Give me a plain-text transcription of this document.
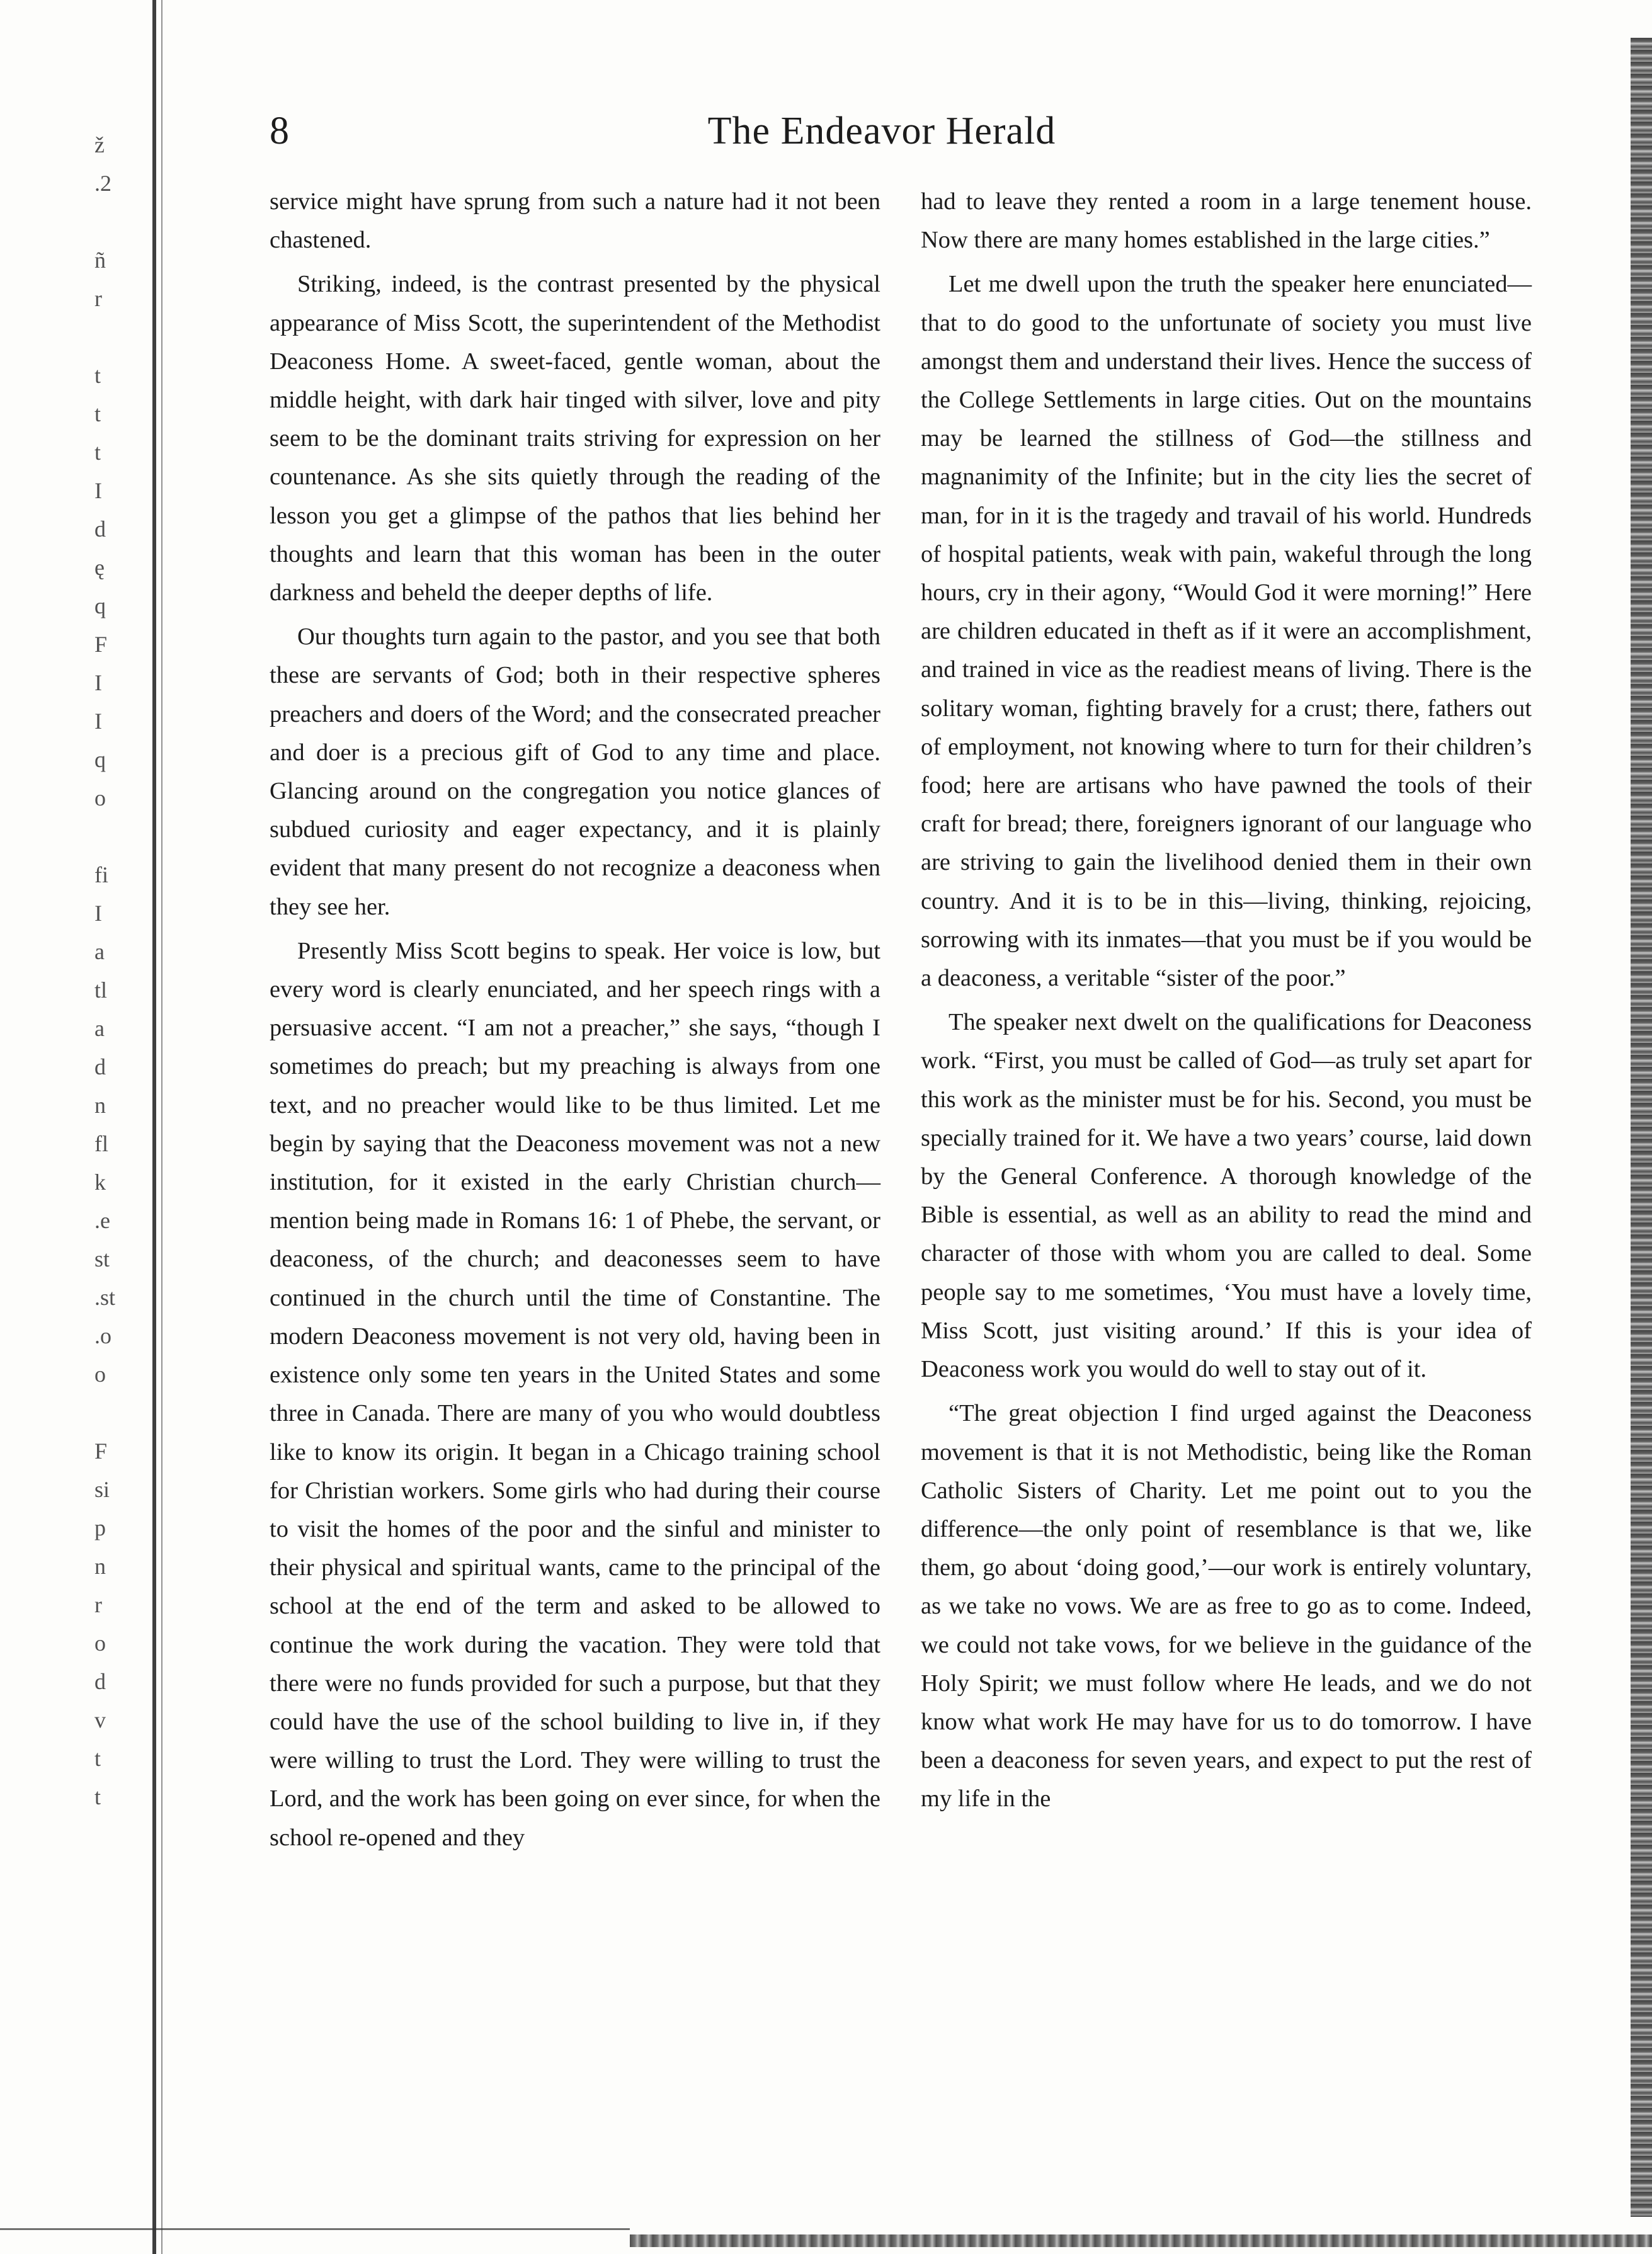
ž
.2

ñ
r

t
t
t
I
d
ę
q
F
I
I
q
o

fi
I
a
tl
a
d
n
fl
k
.e
st
.st
.o
o

F
si
p
n
r
o
d
v
t
t
8	The Endeavor Herald

service might have sprung from such a nature had it not been chastened.

Striking, indeed, is the contrast presented by the physical appearance of Miss Scott, the superintendent of the Methodist Deaconess Home. A sweet-faced, gentle woman, about the middle height, with dark hair tinged with silver, love and pity seem to be the dominant traits striving for expression on her countenance. As she sits quietly through the reading of the lesson you get a glimpse of the pathos that lies behind her thoughts and learn that this woman has been in the outer darkness and beheld the deeper depths of life.

Our thoughts turn again to the pastor, and you see that both these are servants of God; both in their respective spheres preachers and doers of the Word; and the consecrated preacher and doer is a precious gift of God to any time and place. Glancing around on the congregation you notice glances of subdued curiosity and eager expectancy, and it is plainly evident that many present do not recognize a deaconess when they see her.

Presently Miss Scott begins to speak. Her voice is low, but every word is clearly enunciated, and her speech rings with a persuasive accent. “I am not a preacher,” she says, “though I sometimes do preach; but my preaching is always from one text, and no preacher would like to be thus limited. Let me begin by saying that the Deaconess movement was not a new institution, for it existed in the early Christian church—mention being made in Romans 16: 1 of Phebe, the servant, or deaconess, of the church; and deaconesses seem to have continued in the church until the time of Constantine. The modern Deaconess movement is not very old, having been in existence only some ten years in the United States and some three in Canada. There are many of you who would doubtless like to know its origin. It began in a Chicago training school for Christian workers. Some girls who had during their course to visit the homes of the poor and the sinful and minister to their physical and spiritual wants, came to the principal of the school at the end of the term and asked to be allowed to continue the work during the vacation. They were told that there were no funds provided for such a purpose, but that they could have the use of the school building to live in, if they were willing to trust the Lord. They were willing to trust the Lord, and the work has been going on ever since, for when the school re-opened and they

had to leave they rented a room in a large tenement house. Now there are many homes established in the large cities.”

Let me dwell upon the truth the speaker here enunciated—that to do good to the unfortunate of society you must live amongst them and understand their lives. Hence the success of the College Settlements in large cities. Out on the mountains may be learned the stillness of God—the stillness and magnanimity of the Infinite; but in the city lies the secret of man, for in it is the tragedy and travail of his world. Hundreds of hospital patients, weak with pain, wakeful through the long hours, cry in their agony, “Would God it were morning!” Here are children educated in theft as if it were an accomplishment, and trained in vice as the readiest means of living. There is the solitary woman, fighting bravely for a crust; there, fathers out of employment, not knowing where to turn for their children’s food; here are artisans who have pawned the tools of their craft for bread; there, foreigners ignorant of our language who are striving to gain the livelihood denied them in their own country. And it is to be in this—living, thinking, rejoicing, sorrowing with its inmates—that you must be if you would be a deaconess, a veritable “sister of the poor.”

The speaker next dwelt on the qualifications for Deaconess work. “First, you must be called of God—as truly set apart for this work as the minister must be for his. Second, you must be specially trained for it. We have a two years’ course, laid down by the General Conference. A thorough knowledge of the Bible is essential, as well as an ability to read the mind and character of those with whom you are called to deal. Some people say to me sometimes, ‘You must have a lovely time, Miss Scott, just visiting around.’ If this is your idea of Deaconess work you would do well to stay out of it.

“The great objection I find urged against the Deaconess movement is that it is not Methodistic, being like the Roman Catholic Sisters of Charity. Let me point out to you the difference—the only point of resemblance is that we, like them, go about ‘doing good,’—our work is entirely voluntary, as we take no vows. We are as free to go as to come. Indeed, we could not take vows, for we believe in the guidance of the Holy Spirit; we must follow where He leads, and we do not know what work He may have for us to do tomorrow. I have been a deaconess for seven years, and expect to put the rest of my life in the
